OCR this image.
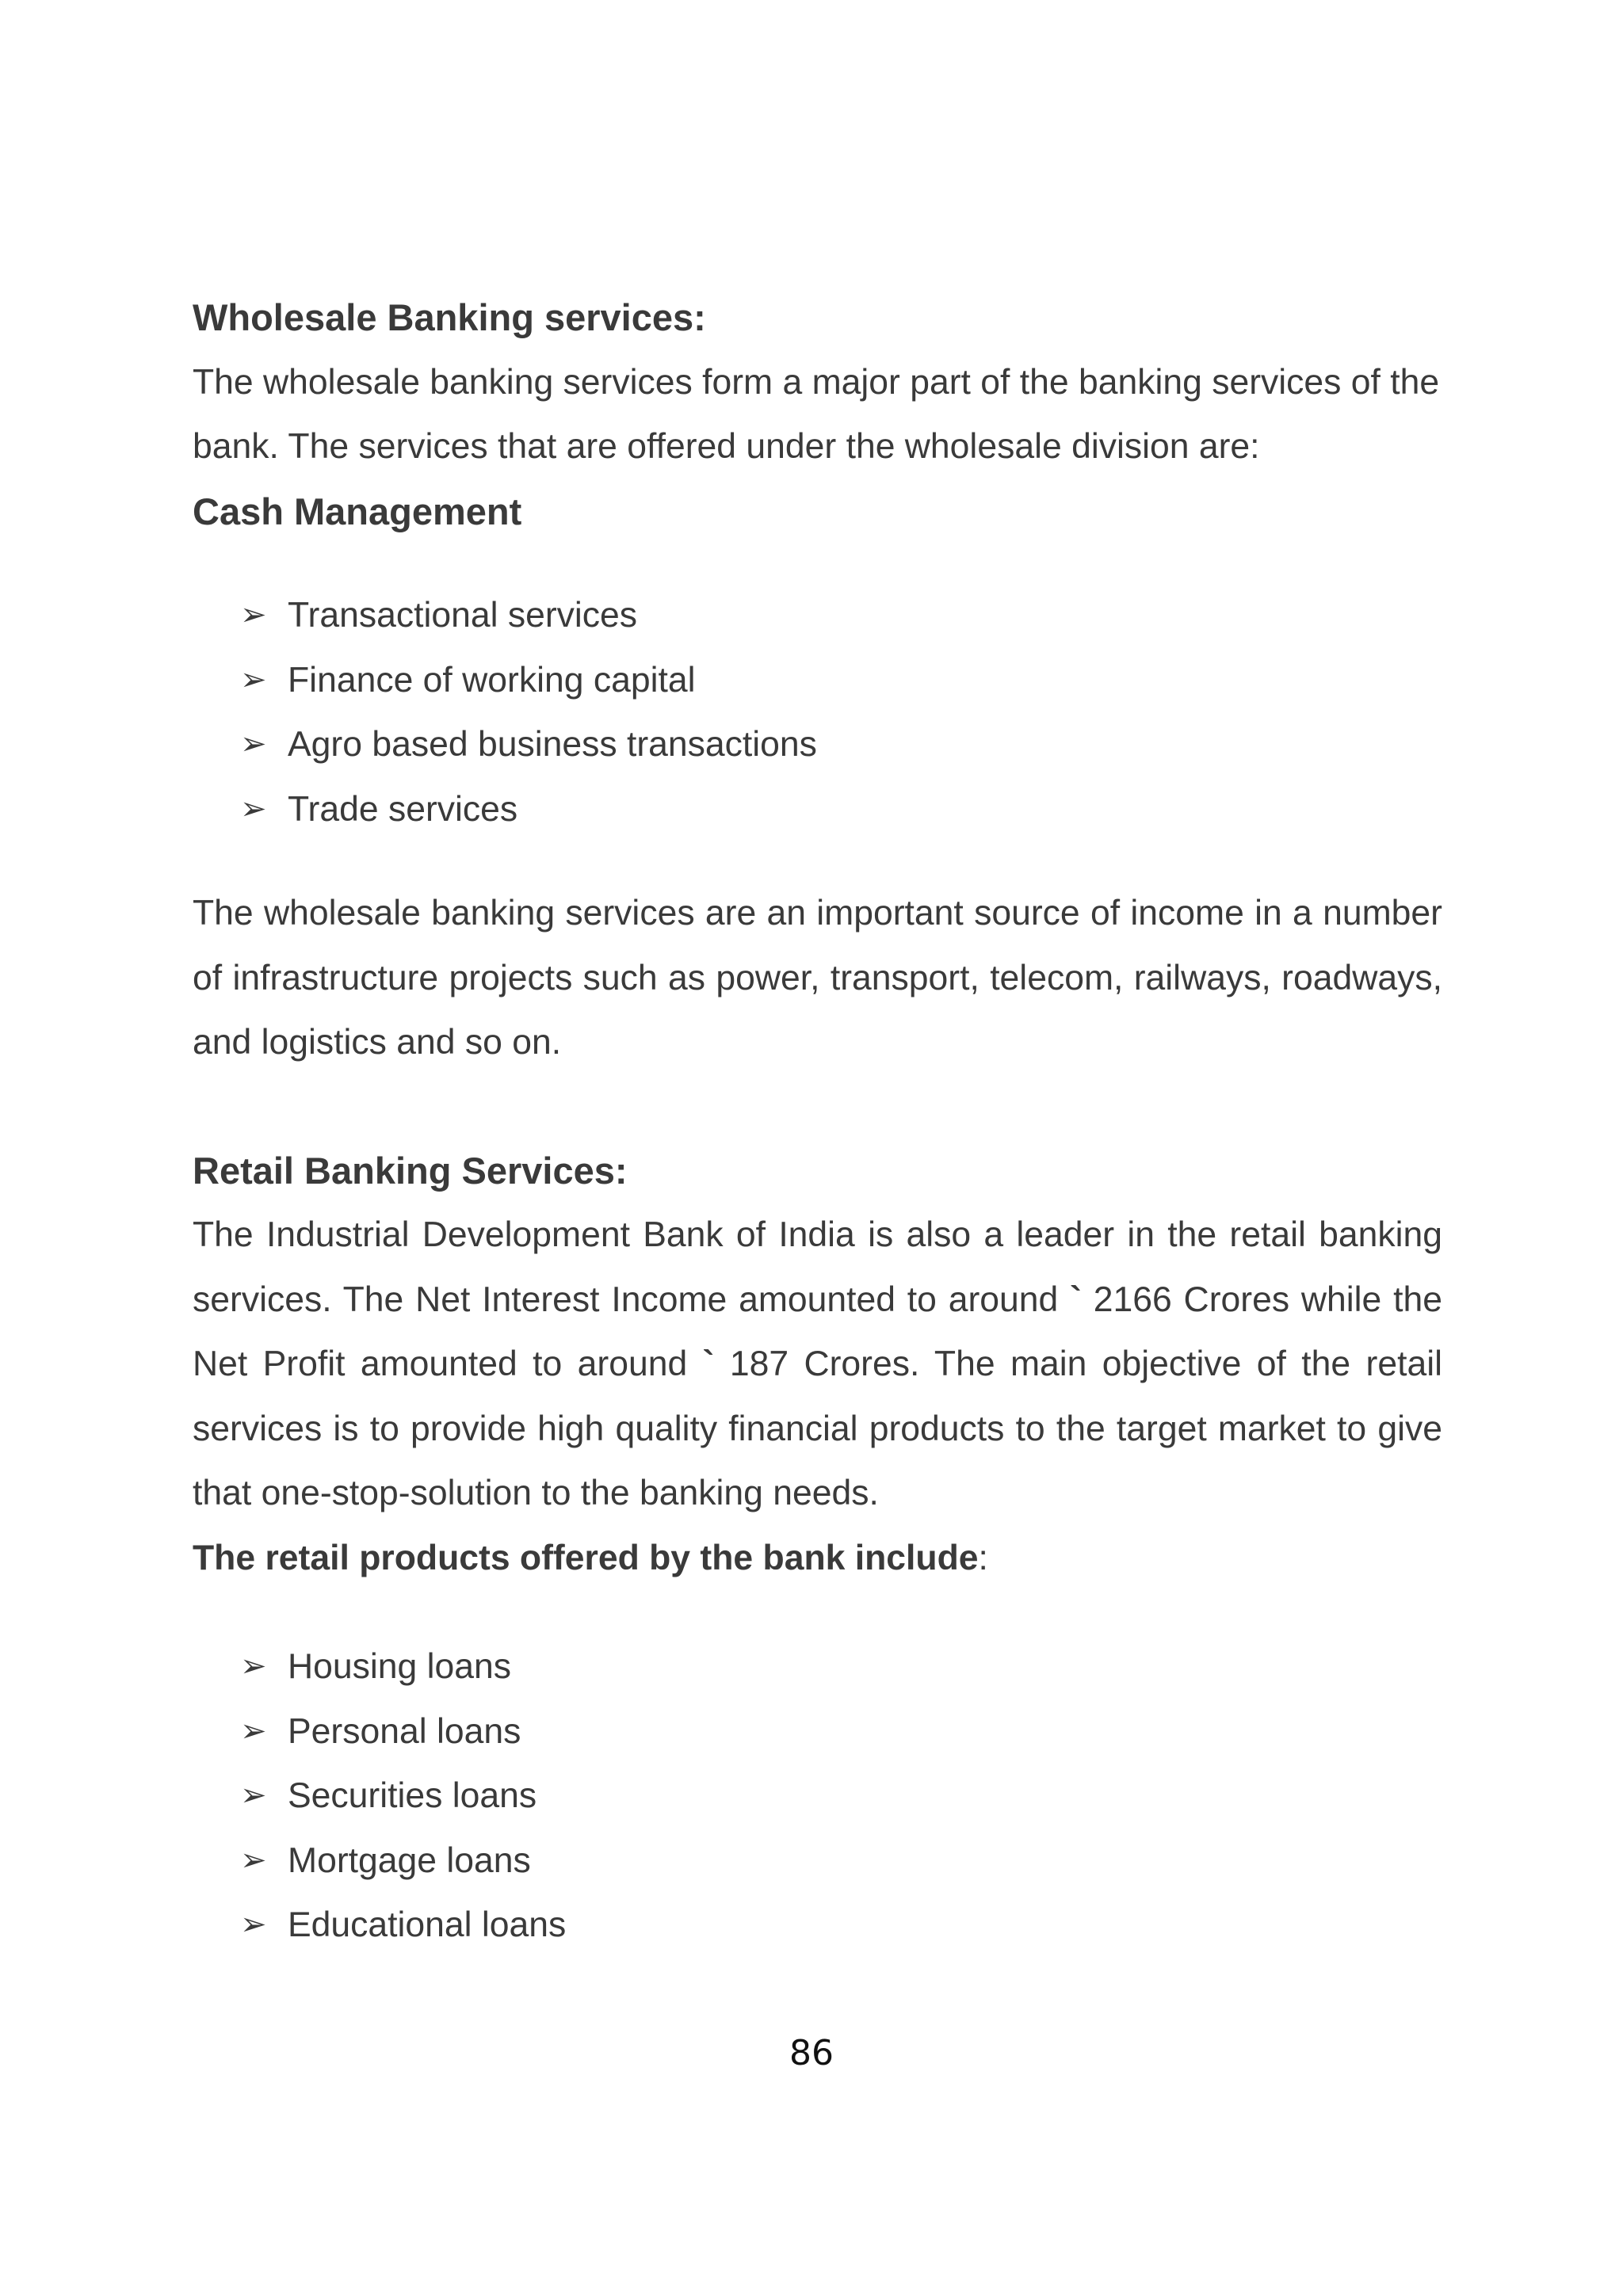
Wholesale Banking services:

The wholesale banking services form a major part of the banking services of the bank. The services that are offered under the wholesale division are:

Cash Management
➢ Transactional services
➢ Finance of working capital
➢ Agro based business transactions
➢ Trade services

The wholesale banking services are an important source of income in a number of infrastructure projects such as power, transport, telecom, railways, roadways, and logistics and so on.

Retail Banking Services:

The Industrial Development Bank of India is also a leader in the retail banking services. The Net Interest Income amounted to around ` 2166 Crores while the Net Profit amounted to around ` 187 Crores. The main objective of the retail services is to provide high quality financial products to the target market to give that one-stop-solution to the banking needs.

The retail products offered by the bank include:

➢ Housing loans
➢ Personal loans
➢ Securities loans
➢ Mortgage loans
➢ Educational loans
86
